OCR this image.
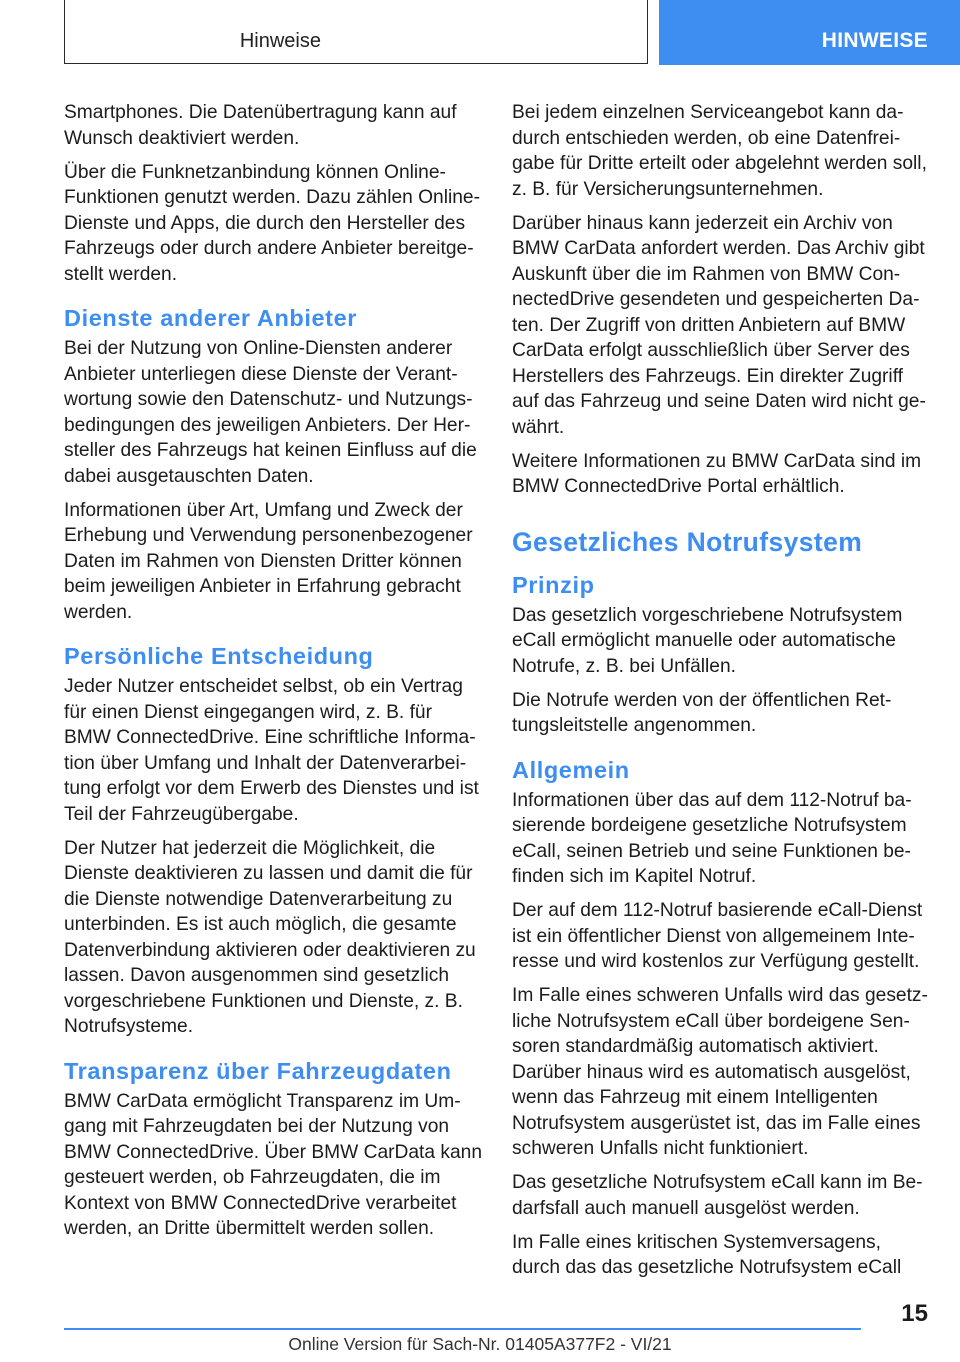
Hinweise	HINWEISE

Smartphones. Die Datenübertragung kann auf Wunsch deaktiviert werden.

Über die Funknetzanbindung können Online-Funktionen genutzt werden. Dazu zählen Online-Dienste und Apps, die durch den Hersteller des Fahrzeugs oder durch andere Anbieter bereitgestellt werden.

Dienste anderer Anbieter

Bei der Nutzung von Online-Diensten anderer Anbieter unterliegen diese Dienste der Verantwortung sowie den Datenschutz- und Nutzungsbedingungen des jeweiligen Anbieters. Der Hersteller des Fahrzeugs hat keinen Einfluss auf die dabei ausgetauschten Daten.

Informationen über Art, Umfang und Zweck der Erhebung und Verwendung personenbezogener Daten im Rahmen von Diensten Dritter können beim jeweiligen Anbieter in Erfahrung gebracht werden.

Persönliche Entscheidung

Jeder Nutzer entscheidet selbst, ob ein Vertrag für einen Dienst eingegangen wird, z. B. für BMW ConnectedDrive. Eine schriftliche Information über Umfang und Inhalt der Datenverarbeitung erfolgt vor dem Erwerb des Dienstes und ist Teil der Fahrzeugübergabe.

Der Nutzer hat jederzeit die Möglichkeit, die Dienste deaktivieren zu lassen und damit die für die Dienste notwendige Datenverarbeitung zu unterbinden. Es ist auch möglich, die gesamte Datenverbindung aktivieren oder deaktivieren zu lassen. Davon ausgenommen sind gesetzlich vorgeschriebene Funktionen und Dienste, z. B. Notrufsysteme.

Transparenz über Fahrzeugdaten

BMW CarData ermöglicht Transparenz im Umgang mit Fahrzeugdaten bei der Nutzung von BMW ConnectedDrive. Über BMW CarData kann gesteuert werden, ob Fahrzeugdaten, die im Kontext von BMW ConnectedDrive verarbeitet werden, an Dritte übermittelt werden sollen.

Bei jedem einzelnen Serviceangebot kann dadurch entschieden werden, ob eine Datenfreigabe für Dritte erteilt oder abgelehnt werden soll, z. B. für Versicherungsunternehmen.

Darüber hinaus kann jederzeit ein Archiv von BMW CarData anfordert werden. Das Archiv gibt Auskunft über die im Rahmen von BMW ConnectedDrive gesendeten und gespeicherten Daten. Der Zugriff von dritten Anbietern auf BMW CarData erfolgt ausschließlich über Server des Herstellers des Fahrzeugs. Ein direkter Zugriff auf das Fahrzeug und seine Daten wird nicht gewährt.

Weitere Informationen zu BMW CarData sind im BMW ConnectedDrive Portal erhältlich.

Gesetzliches Notrufsystem
Prinzip

Das gesetzlich vorgeschriebene Notrufsystem eCall ermöglicht manuelle oder automatische Notrufe, z. B. bei Unfällen.

Die Notrufe werden von der öffentlichen Rettungsleitstelle angenommen.

Allgemein

Informationen über das auf dem 112-Notruf basierende bordeigene gesetzliche Notrufsystem eCall, seinen Betrieb und seine Funktionen befinden sich im Kapitel Notruf.

Der auf dem 112-Notruf basierende eCall-Dienst ist ein öffentlicher Dienst von allgemeinem Interesse und wird kostenlos zur Verfügung gestellt.

Im Falle eines schweren Unfalls wird das gesetzliche Notrufsystem eCall über bordeigene Sensoren standardmäßig automatisch aktiviert. Darüber hinaus wird es automatisch ausgelöst, wenn das Fahrzeug mit einem Intelligenten Notrufsystem ausgerüstet ist, das im Falle eines schweren Unfalls nicht funktioniert.

Das gesetzliche Notrufsystem eCall kann im Bedarfsfall auch manuell ausgelöst werden.

Im Falle eines kritischen Systemversagens, durch das das gesetzliche Notrufsystem eCall

15
Online Version für Sach-Nr. 01405A377F2 - VI/21
